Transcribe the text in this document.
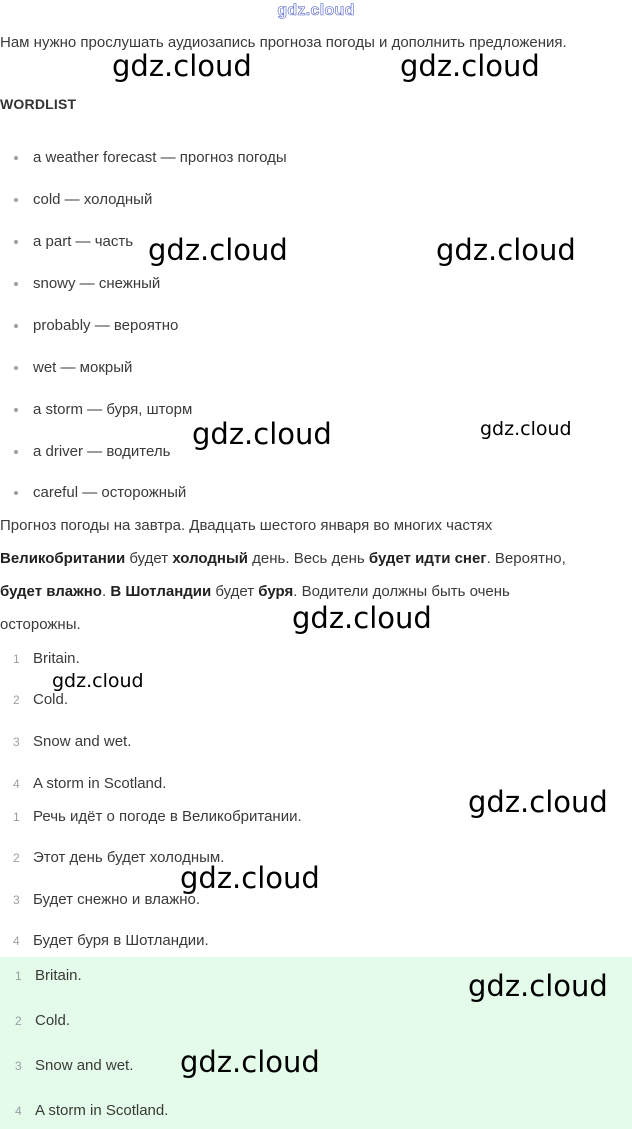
gdz.cloud
Нам нужно прослушать аудиозапись прогноза погоды и дополнить предложения.
WORDLIST
a weather forecast — прогноз погоды
cold — холодный
a part — часть
snowy — снежный
probably — вероятно
wet — мокрый
a storm — буря, шторм
a driver — водитель
careful — осторожный
Прогноз погоды на завтра. Двадцать шестого января во многих частях Великобритании будет холодный день. Весь день будет идти снег. Вероятно, будет влажно. В Шотландии будет буря. Водители должны быть очень осторожны.
1 Britain.
2 Cold.
3 Snow and wet.
4 A storm in Scotland.
1 Речь идёт о погоде в Великобритании.
2 Этот день будет холодным.
3 Будет снежно и влажно.
4 Будет буря в Шотландии.
1 Britain.
2 Cold.
3 Snow and wet.
4 A storm in Scotland.
gdz.cloud	gdz.cloud
gdz.cloud	gdz.cloud
gdz.cloud	gdz.cloud
gdz.cloud
gdz.cloud
gdz.cloud
gdz.cloud
gdz.cloud
gdz.cloud
